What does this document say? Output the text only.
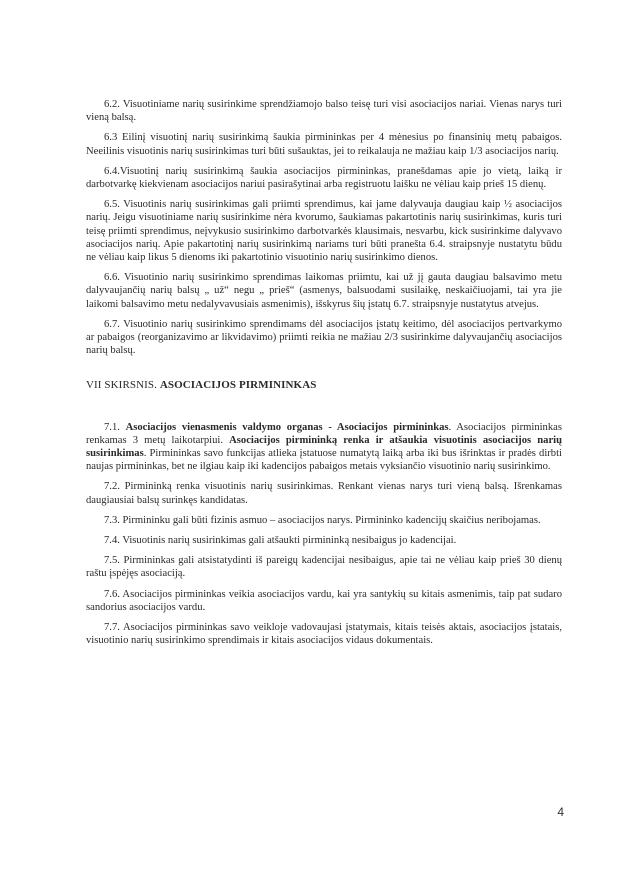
6.2. Visuotiniame narių susirinkime sprendžiamojo balso teisę turi visi asociacijos nariai. Vienas narys turi vieną balsą.

6.3 Eilinį visuotinį narių susirinkimą šaukia pirmininkas per 4 mėnesius po finansinių metų pabaigos. Neeilinis visuotinis narių susirinkimas turi būti sušauktas, jei to reikalauja ne mažiau kaip 1/3 asociacijos narių.

6.4.Visuotinį narių susirinkimą šaukia asociacijos pirmininkas, pranešdamas apie jo vietą, laiką ir darbotvarkę kiekvienam asociacijos nariui pasirašytinai arba registruotu laišku ne vėliau kaip prieš 15 dienų.

6.5. Visuotinis narių susirinkimas gali priimti sprendimus, kai jame dalyvauja daugiau kaip ½ asociacijos narių. Jeigu visuotiniame narių susirinkime nėra kvorumo, šaukiamas pakartotinis narių susirinkimas, kuris turi teisę priimti sprendimus, neįvykusio susirinkimo darbotvarkės klausimais, nesvarbu, kick susirinkime dalyvavo asociacijos narių. Apie pakartotinį narių susirinkimą nariams turi būti pranešta 6.4. straipsnyje nustatytu būdu ne vėliau kaip likus 5 dienoms iki pakartotinio visuotinio narių susirinkimo dienos.

6.6. Visuotinio narių susirinkimo sprendimas laikomas priimtu, kai už jį gauta daugiau balsavimo metu dalyvaujančių narių balsų „ už“ negu „ prieš“ (asmenys, balsuodami susilaikę, neskaičiuojami, tai yra jie laikomi balsavimo metu nedalyvavusiais asmenimis), išskyrus šių įstatų 6.7. straipsnyje nustatytus atvejus.

6.7. Visuotinio narių susirinkimo sprendimams dėl asociacijos įstatų keitimo, dėl asociacijos pertvarkymo ar pabaigos (reorganizavimo ar likvidavimo) priimti reikia ne mažiau 2/3 susirinkime dalyvaujančių asociacijos narių balsų.

VII SKIRSNIS. ASOCIACIJOS PIRMININKAS

7.1. Asociacijos vienasmenis valdymo organas - Asociacijos pirmininkas. Asociacijos pirmininkas renkamas 3 metų laikotarpiui. Asociacijos pirmininką renka ir atšaukia visuotinis asociacijos narių susirinkimas. Pirmininkas savo funkcijas atlieka įstatuose numatytą laiką arba iki bus išrinktas ir pradės dirbti naujas pirmininkas, bet ne ilgiau kaip iki kadencijos pabaigos metais vyksiančio visuotinio narių susirinkimo.

7.2. Pirmininką renka visuotinis narių susirinkimas. Renkant vienas narys turi vieną balsą. Išrenkamas daugiausiai balsų surinkęs kandidatas.

7.3. Pirmininku gali būti fizinis asmuo – asociacijos narys. Pirmininko kadencijų skaičius neribojamas.

7.4. Visuotinis narių susirinkimas gali atšaukti pirmininką nesibaigus jo kadencijai.

7.5. Pirmininkas gali atsistatydinti iš pareigų kadencijai nesibaigus, apie tai ne vėliau kaip prieš 30 dienų raštu įspėjęs asociaciją.

7.6. Asociacijos pirmininkas veikia asociacijos vardu, kai yra santykių su kitais asmenimis, taip pat sudaro sandorius asociacijos vardu.

7.7. Asociacijos pirmininkas savo veikloje vadovaujasi įstatymais, kitais teisės aktais, asociacijos įstatais, visuotinio narių susirinkimo sprendimais ir kitais asociacijos vidaus dokumentais.

4
